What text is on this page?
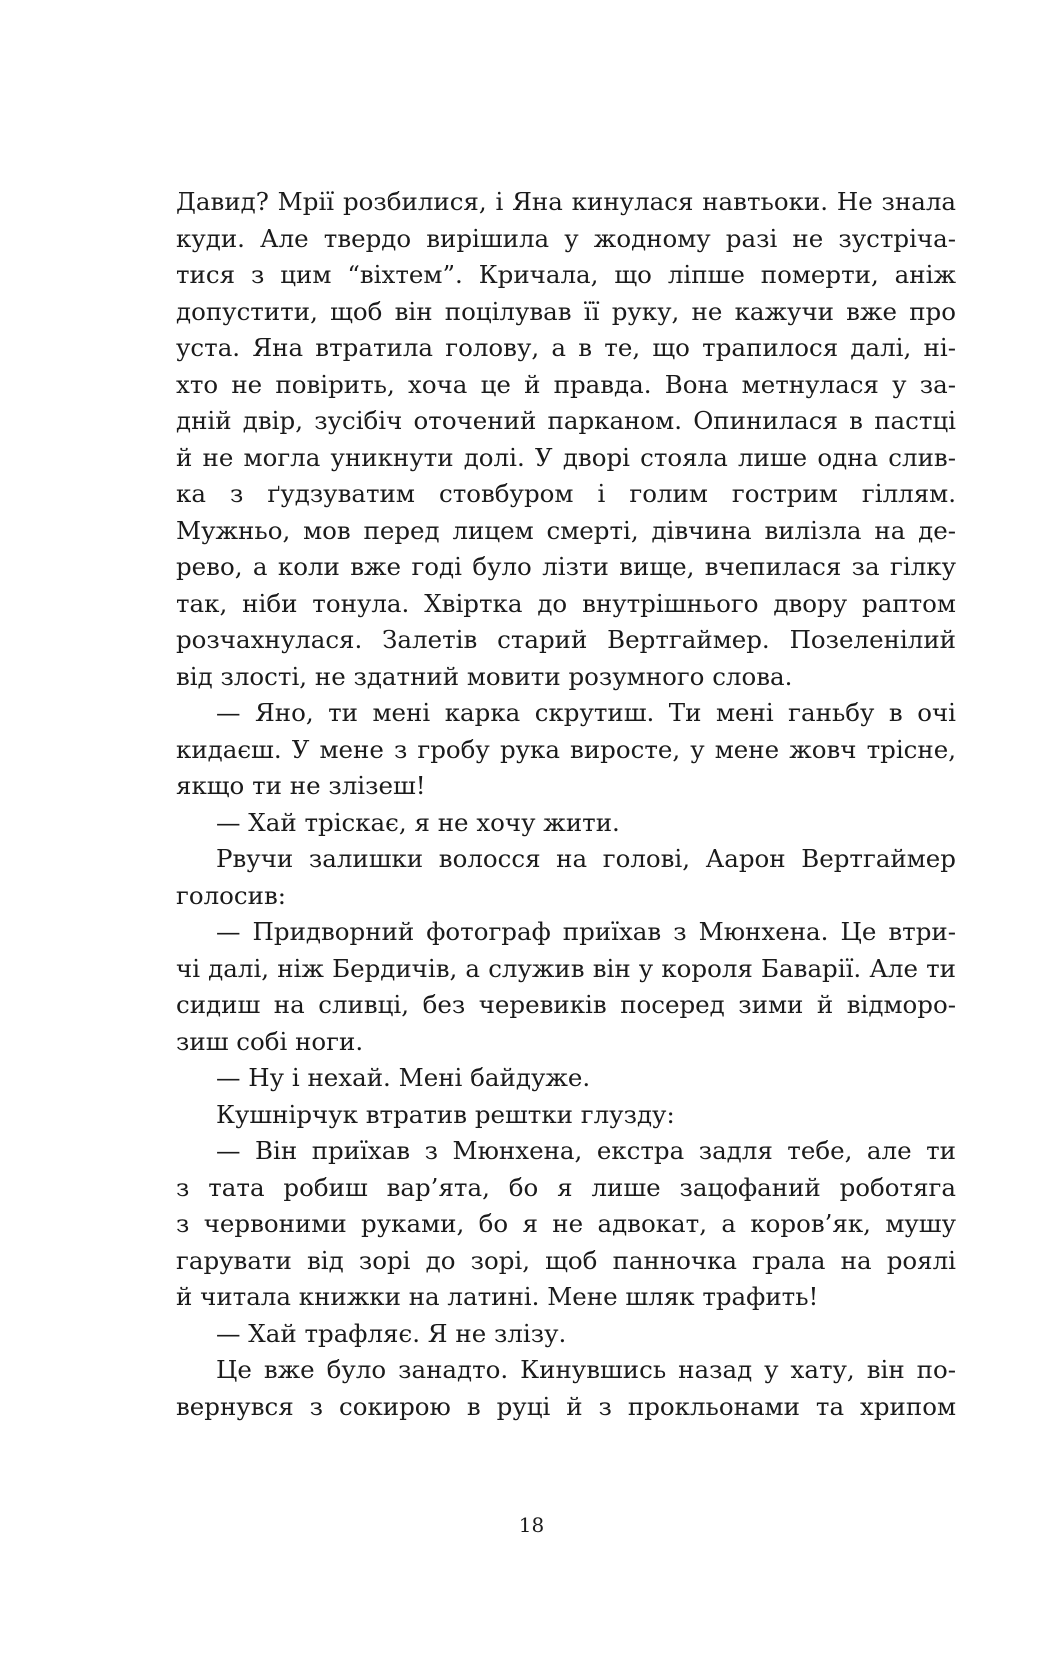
Давид? Мрії розбилися, і Яна кинулася навтьоки. Не знала
куди. Але твердо вирішила у жодному разі не зустріча-
тися з цим “віхтем”. Кричала, що ліпше померти, аніж
допустити, щоб він поцілував її руку, не кажучи вже про
уста. Яна втратила голову, а в те, що трапилося далі, ні-
хто не повірить, хоча це й правда. Вона метнулася у за-
дній двір, зусібіч оточений парканом. Опинилася в пастці
й не могла уникнути долі. У дворі стояла лише одна слив-
ка з ґудзуватим стовбуром і голим гострим гіллям.
Мужньо, мов перед лицем смерті, дівчина вилізла на де-
рево, а коли вже годі було лізти вище, вчепилася за гілку
так, ніби тонула. Хвіртка до внутрішнього двору раптом
розчахнулася. Залетів старий Вертгаймер. Позеленілий
від злості, не здатний мовити розумного слова.
— Яно, ти мені карка скрутиш. Ти мені ганьбу в очі
кидаєш. У мене з гробу рука виросте, у мене жовч трісне,
якщо ти не злізеш!
— Хай тріскає, я не хочу жити.
Рвучи залишки волосся на голові, Аарон Вертгаймер
голосив:
— Придворний фотограф приїхав з Мюнхена. Це втри-
чі далі, ніж Бердичів, а служив він у короля Баварії. Але ти
сидиш на сливці, без черевиків посеред зими й відморо-
зиш собі ноги.
— Ну і нехай. Мені байдуже.
Кушнірчук втратив рештки глузду:
— Він приїхав з Мюнхена, екстра задля тебе, але ти
з тата робиш вар’ята, бо я лише зацофаний роботяга
з червоними руками, бо я не адвокат, а коров’як, мушу
гарувати від зорі до зорі, щоб панночка грала на роялі
й читала книжки на латині. Мене шляк трафить!
— Хай трафляє. Я не злізу.
Це вже було занадто. Кинувшись назад у хату, він по-
вернувся з сокирою в руці й з прокльонами та хрипом
18
